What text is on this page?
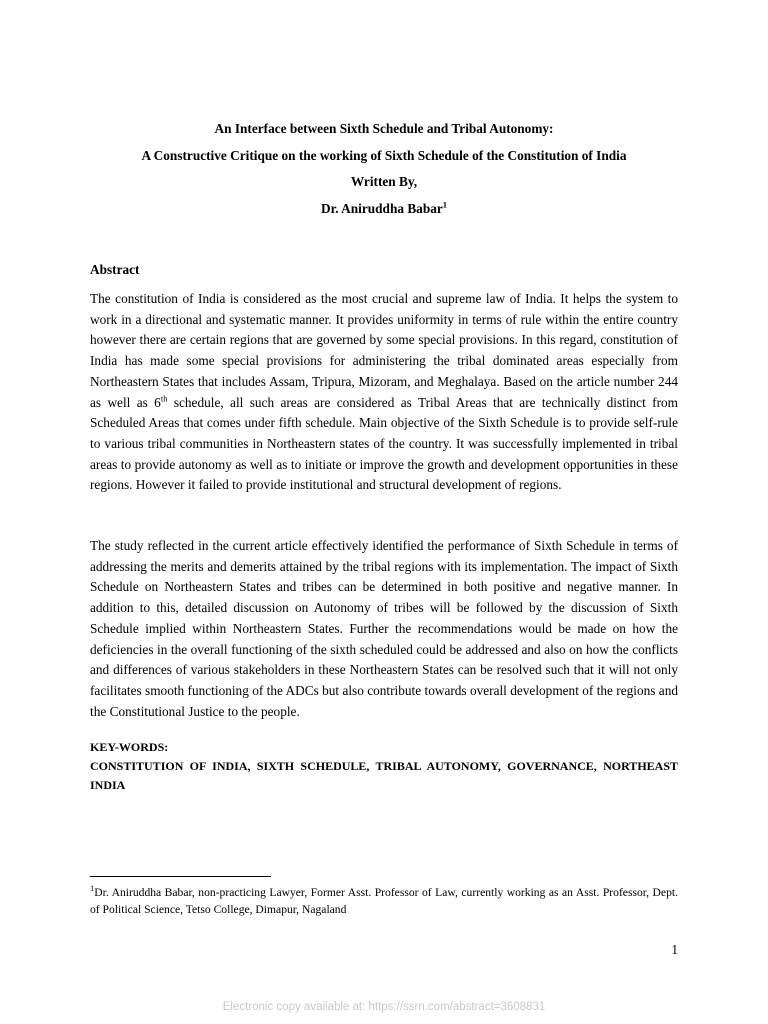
An Interface between Sixth Schedule and Tribal Autonomy:
A Constructive Critique on the working of Sixth Schedule of the Constitution of India
Written By,
Dr. Aniruddha Babar$^1$
Abstract

The constitution of India is considered as the most crucial and supreme law of India. It helps the system to work in a directional and systematic manner. It provides uniformity in terms of rule within the entire country however there are certain regions that are governed by some special provisions. In this regard, constitution of India has made some special provisions for administering the tribal dominated areas especially from Northeastern States that includes Assam, Tripura, Mizoram, and Meghalaya. Based on the article number 244 as well as 6th schedule, all such areas are considered as Tribal Areas that are technically distinct from Scheduled Areas that comes under fifth schedule. Main objective of the Sixth Schedule is to provide self-rule to various tribal communities in Northeastern states of the country. It was successfully implemented in tribal areas to provide autonomy as well as to initiate or improve the growth and development opportunities in these regions. However it failed to provide institutional and structural development of regions.

The study reflected in the current article effectively identified the performance of Sixth Schedule in terms of addressing the merits and demerits attained by the tribal regions with its implementation. The impact of Sixth Schedule on Northeastern States and tribes can be determined in both positive and negative manner. In addition to this, detailed discussion on Autonomy of tribes will be followed by the discussion of Sixth Schedule implied within Northeastern States. Further the recommendations would be made on how the deficiencies in the overall functioning of the sixth scheduled could be addressed and also on how the conflicts and differences of various stakeholders in these Northeastern States can be resolved such that it will not only facilitates smooth functioning of the ADCs but also contribute towards overall development of the regions and the Constitutional Justice to the people.

KEY-WORDS:

CONSTITUTION OF INDIA, SIXTH SCHEDULE, TRIBAL AUTONOMY, GOVERNANCE, NORTHEAST INDIA

$^1$Dr. Aniruddha Babar, non-practicing Lawyer, Former Asst. Professor of Law, currently working as an Asst. Professor, Dept. of Political Science, Tetso College, Dimapur, Nagaland

1
Electronic copy available at: https://ssrn.com/abstract=3608831
